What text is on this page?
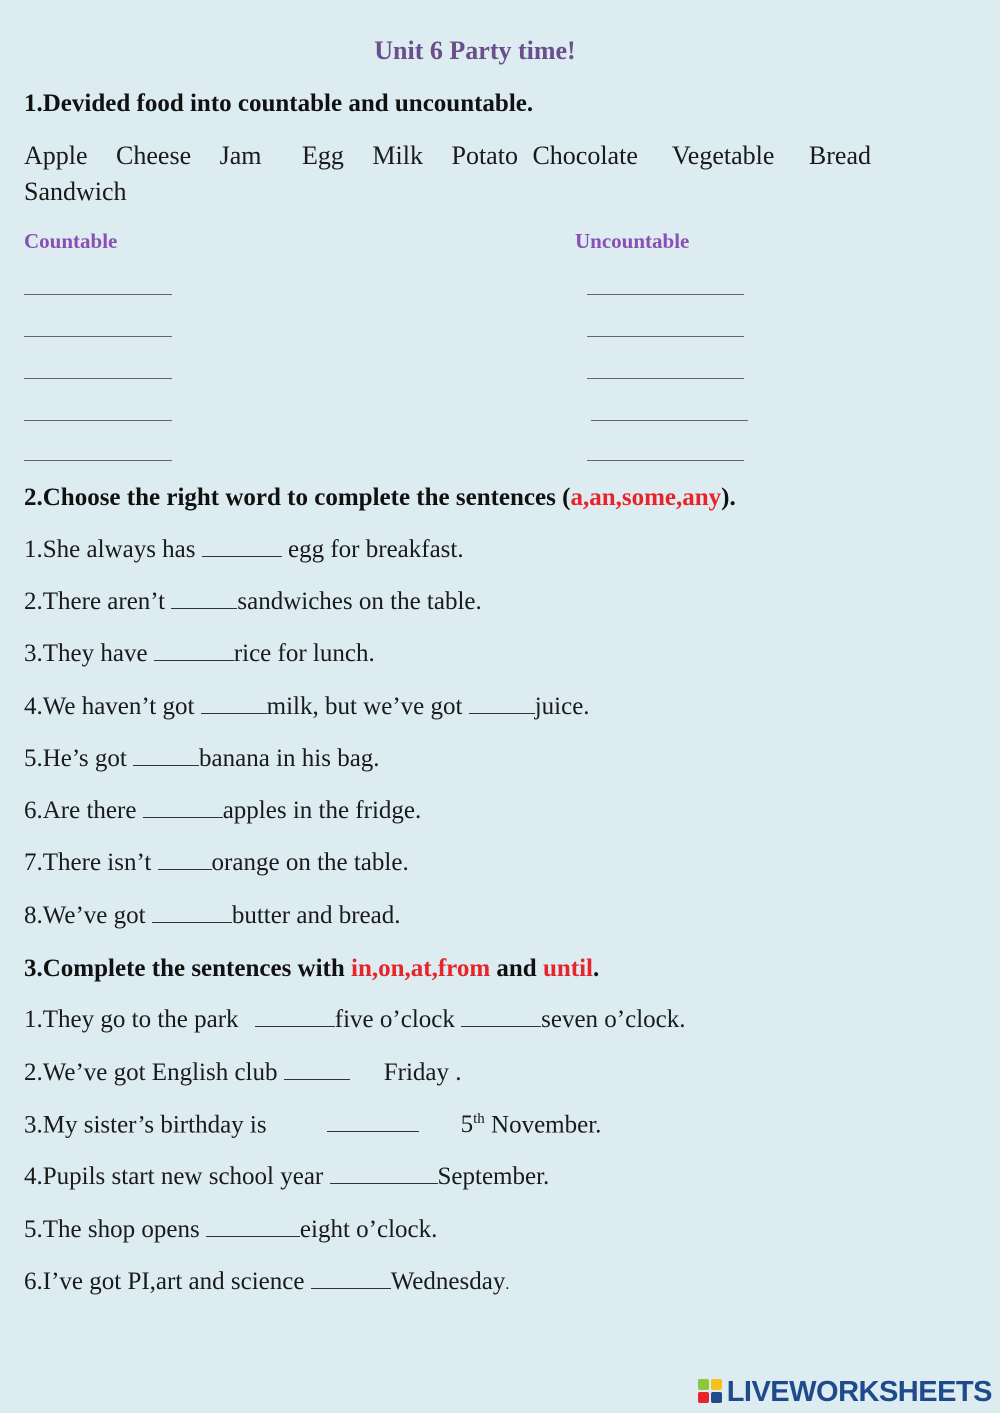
Unit 6 Party time!
1.Devided food into countable and uncountable.
Apple Cheese Jam Egg Milk Potato Chocolate Vegetable Bread
Sandwich
Countable	Uncountable
2.Choose the right word to complete the sentences (a,an,some,any).
1.She always has	egg for breakfast.
2.There aren’t	sandwiches on the table.
3.They have	rice for lunch.
4.We haven’t got	milk, but we’ve got	juice.
5.He’s got	banana in his bag.
6.Are there	apples in the fridge.
7.There isn’t orange on the table.
8.We’ve got	butter and bread.
3.Complete the sentences with in,on,at,from and until.
1.They go to the park	five o’clock	seven o’clock.
2.We’ve got English club	Friday .
3.My sister’s birthday is	5th November.
4.Pupils start new school year	September.
5.The shop opens	eight o’clock.
6.I’ve got PI,art and science	Wednesday.
LIVEWORKSHEETS
